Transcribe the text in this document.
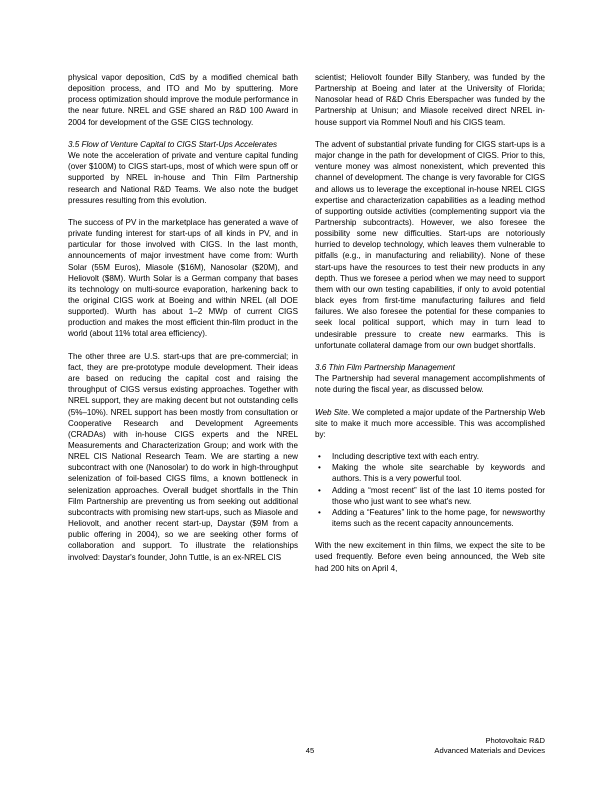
physical vapor deposition, CdS by a modified chemical bath deposition process, and ITO and Mo by sputtering. More process optimization should improve the module performance in the near future. NREL and GSE shared an R&D 100 Award in 2004 for development of the GSE CIGS technology.

3.5 Flow of Venture Capital to CIGS Start-Ups Accelerates

We note the acceleration of private and venture capital funding (over $100M) to CIGS start-ups, most of which were spun off or supported by NREL in-house and Thin Film Partnership research and National R&D Teams. We also note the budget pressures resulting from this evolution.

The success of PV in the marketplace has generated a wave of private funding interest for start-ups of all kinds in PV, and in particular for those involved with CIGS. In the last month, announcements of major investment have come from: Wurth Solar (55M Euros), Miasole ($16M), Nanosolar ($20M), and Heliovolt ($8M). Wurth Solar is a German company that bases its technology on multi-source evaporation, harkening back to the original CIGS work at Boeing and within NREL (all DOE supported). Wurth has about 1–2 MWp of current CIGS production and makes the most efficient thin-film product in the world (about 11% total area efficiency).

The other three are U.S. start-ups that are pre-commercial; in fact, they are pre-prototype module development. Their ideas are based on reducing the capital cost and raising the throughput of CIGS versus existing approaches. Together with NREL support, they are making decent but not outstanding cells (5%–10%). NREL support has been mostly from consultation or Cooperative Research and Development Agreements (CRADAs) with in-house CIGS experts and the NREL Measurements and Characterization Group; and work with the NREL CIS National Research Team. We are starting a new subcontract with one (Nanosolar) to do work in high-throughput selenization of foil-based CIGS films, a known bottleneck in selenization approaches. Overall budget shortfalls in the Thin Film Partnership are preventing us from seeking out additional subcontracts with promising new start-ups, such as Miasole and Heliovolt, and another recent start-up, Daystar ($9M from a public offering in 2004), so we are seeking other forms of collaboration and support. To illustrate the relationships involved: Daystar's founder, John Tuttle, is an ex-NREL CIS

scientist; Heliovolt founder Billy Stanbery, was funded by the Partnership at Boeing and later at the University of Florida; Nanosolar head of R&D Chris Eberspacher was funded by the Partnership at Unisun; and Miasole received direct NREL in-house support via Rommel Noufi and his CIGS team.

The advent of substantial private funding for CIGS start-ups is a major change in the path for development of CIGS. Prior to this, venture money was almost nonexistent, which prevented this channel of development. The change is very favorable for CIGS and allows us to leverage the exceptional in-house NREL CIGS expertise and characterization capabilities as a leading method of supporting outside activities (complementing support via the Partnership subcontracts). However, we also foresee the possibility some new difficulties. Start-ups are notoriously hurried to develop technology, which leaves them vulnerable to pitfalls (e.g., in manufacturing and reliability). None of these start-ups have the resources to test their new products in any depth. Thus we foresee a period when we may need to support them with our own testing capabilities, if only to avoid potential black eyes from first-time manufacturing failures and field failures. We also foresee the potential for these companies to seek local political support, which may in turn lead to undesirable pressure to create new earmarks. This is unfortunate collateral damage from our own budget shortfalls.

3.6 Thin Film Partnership Management

The Partnership had several management accomplishments of note during the fiscal year, as discussed below.

Web Site. We completed a major update of the Partnership Web site to make it much more accessible. This was accomplished by:

• Including descriptive text with each entry.
• Making the whole site searchable by keywords and authors. This is a very powerful tool.
• Adding a “most recent” list of the last 10 items posted for those who just want to see what's new.
• Adding a “Features” link to the home page, for newsworthy items such as the recent capacity announcements.

With the new excitement in thin films, we expect the site to be used frequently. Before even being announced, the Web site had 200 hits on April 4,

45
Photovoltaic R&D
Advanced Materials and Devices
